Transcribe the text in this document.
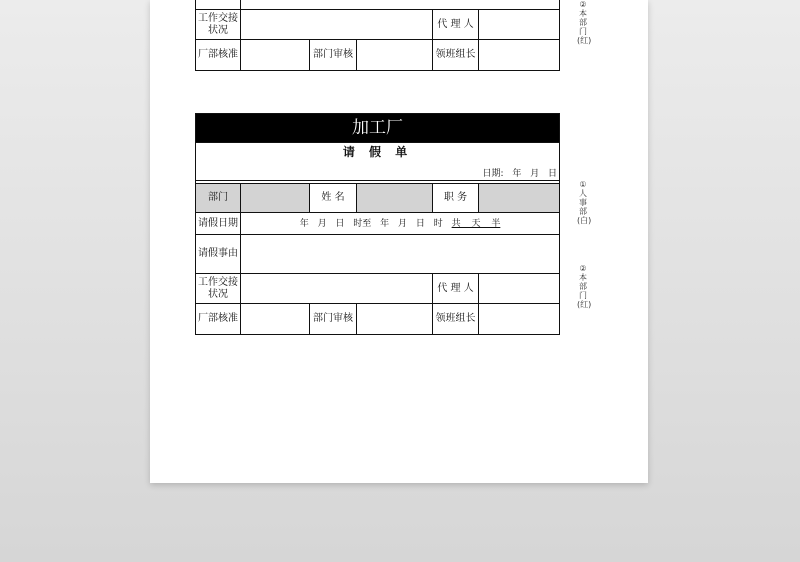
工作交接状况				代 理 人	
厂部核准		部门审核		领班组长	
加工厂					

请 假 单
日期: 年 月 日					

部门		姓 名		职 务	
请假日期	年 月 日 时至 年 月 日 时 共 天 半				
请假事由					
工作交接状况				代 理 人	
厂部核准		部门审核		领班组长	
②本部门(红)
①人事部(白)
②本部门(红)
